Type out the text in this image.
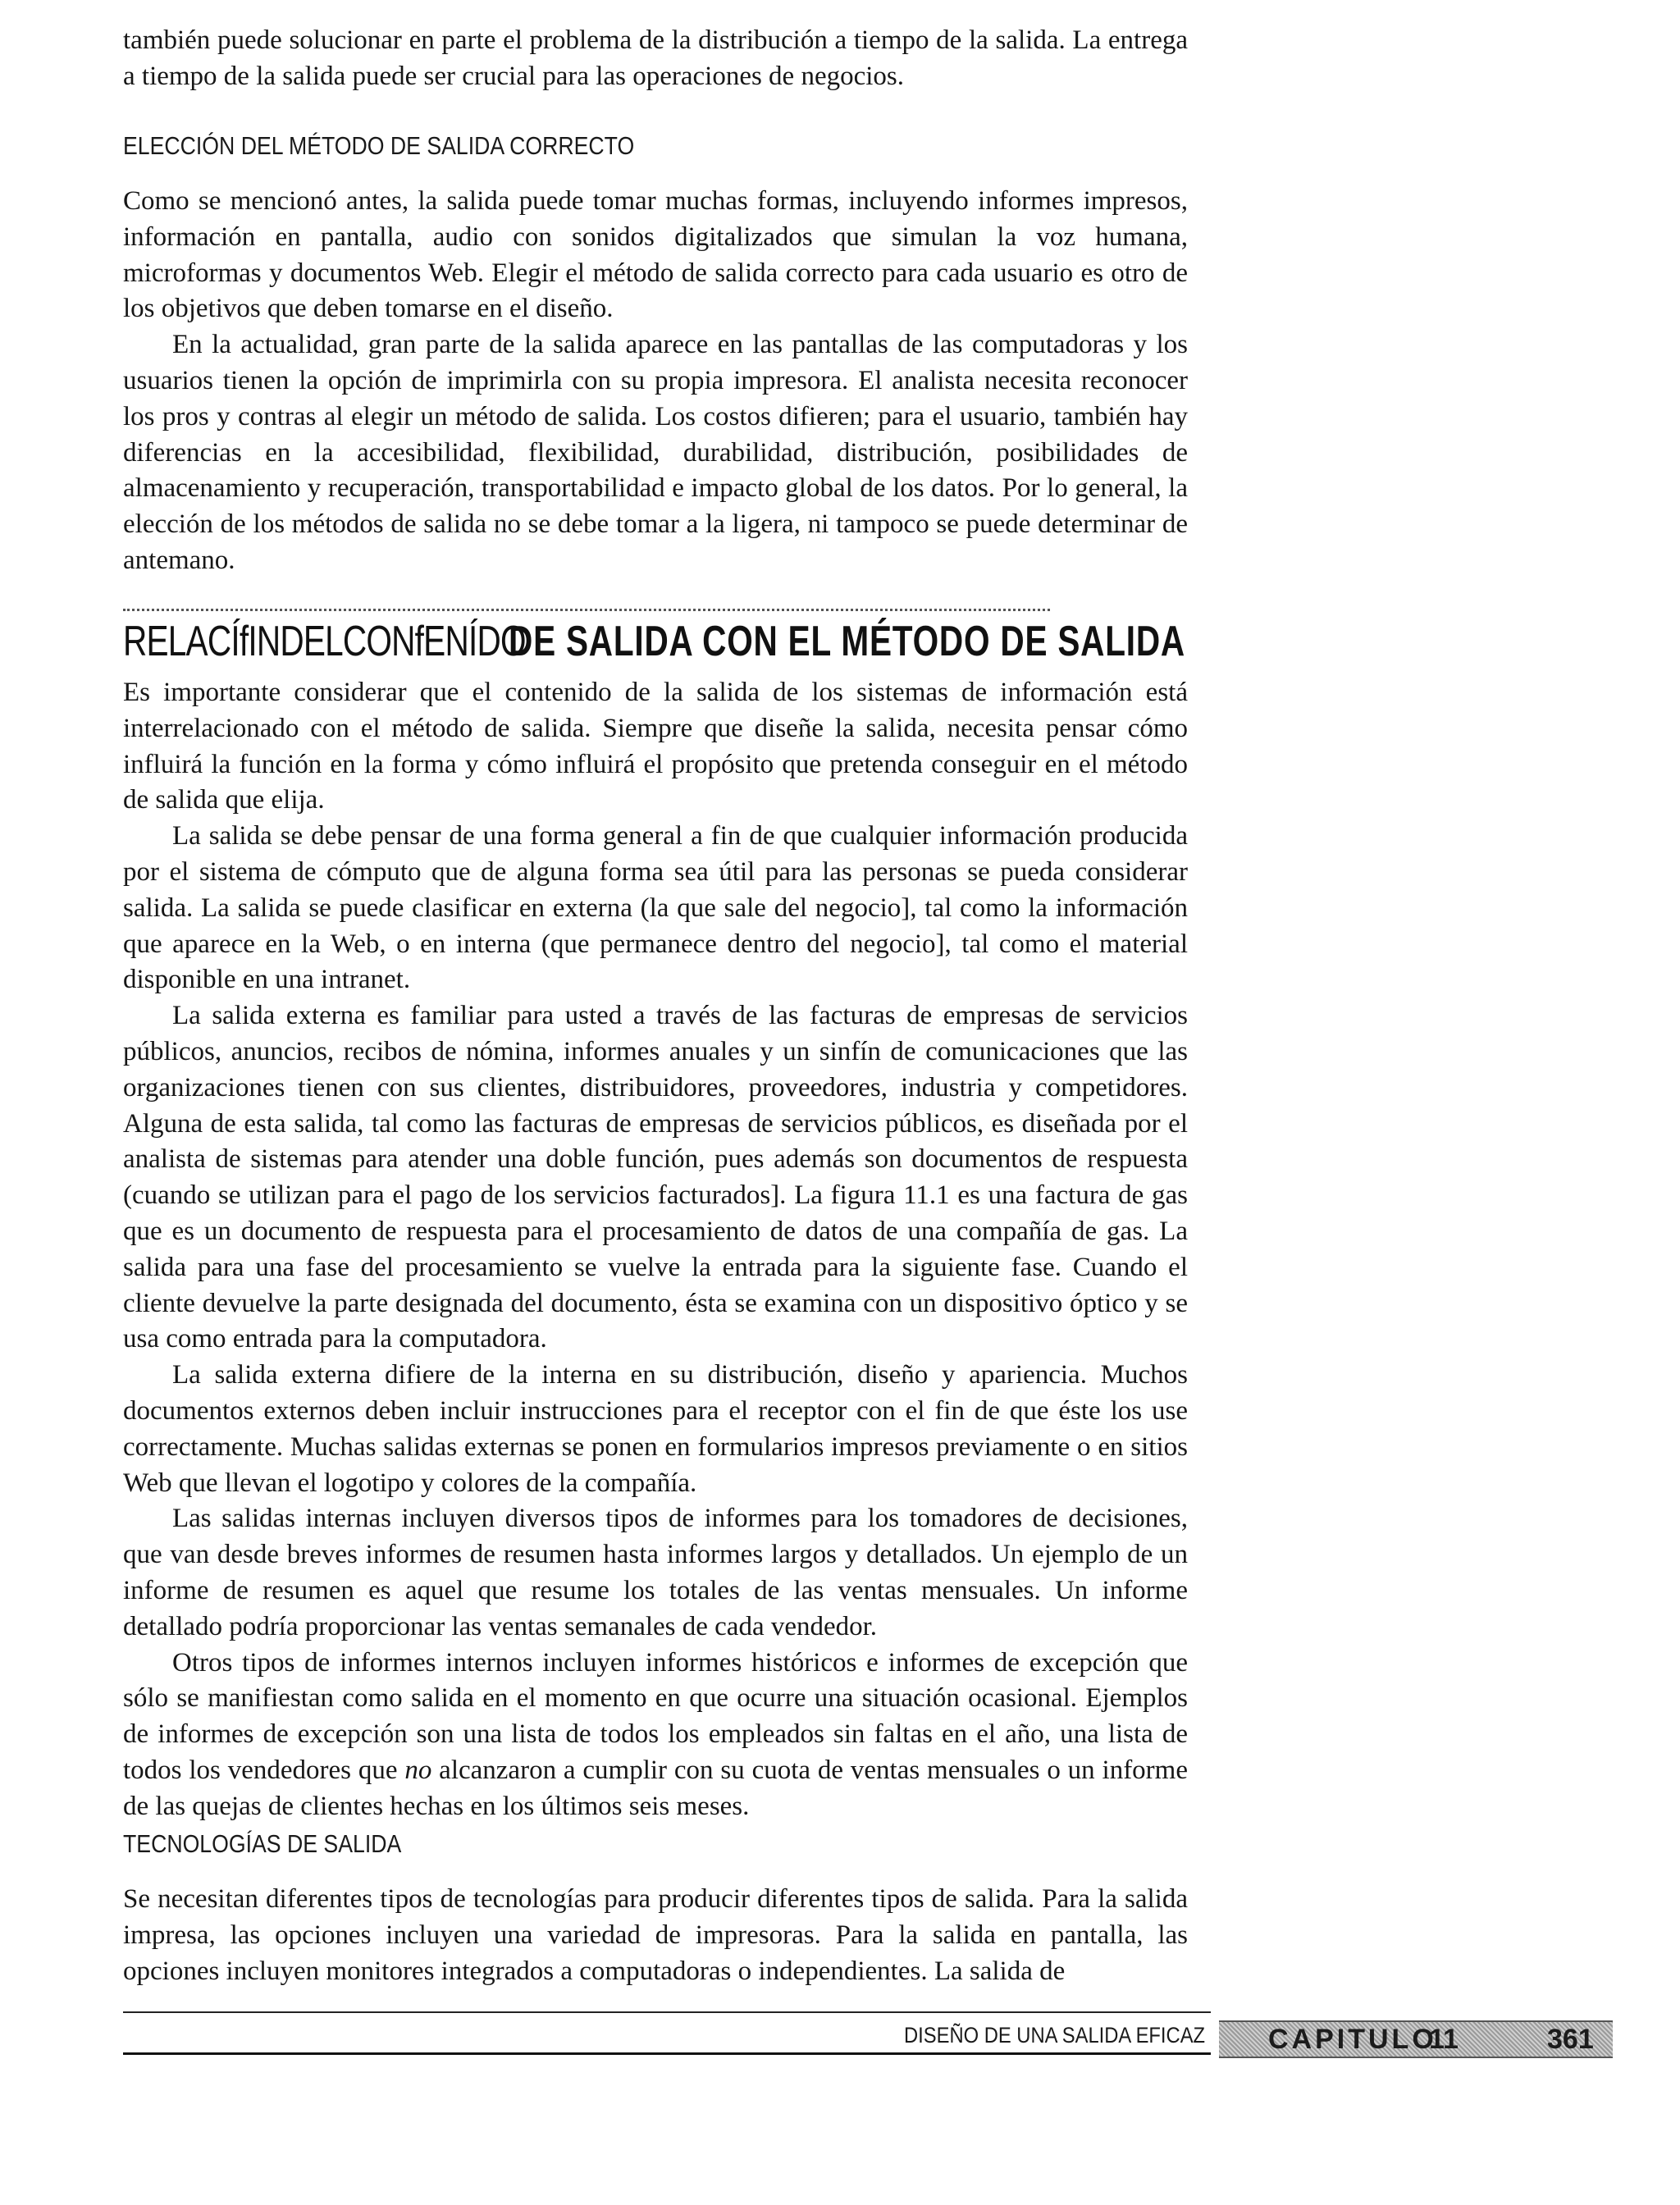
también puede solucionar en parte el problema de la distribución a tiempo de la salida. La entrega a tiempo de la salida puede ser crucial para las operaciones de negocios.

ELECCIÓN DEL MÉTODO DE SALIDA CORRECTO

Como se mencionó antes, la salida puede tomar muchas formas, incluyendo informes impresos, información en pantalla, audio con sonidos digitalizados que simulan la voz humana, microformas y documentos Web. Elegir el método de salida correcto para cada usuario es otro de los objetivos que deben tomarse en el diseño.

En la actualidad, gran parte de la salida aparece en las pantallas de las computadoras y los usuarios tienen la opción de imprimirla con su propia impresora. El analista necesita reconocer los pros y contras al elegir un método de salida. Los costos difieren; para el usuario, también hay diferencias en la accesibilidad, flexibilidad, durabilidad, distribución, posibilidades de almacenamiento y recuperación, transportabilidad e impacto global de los datos. Por lo general, la elección de los métodos de salida no se debe tomar a la ligera, ni tampoco se puede determinar de antemano.

RELACÍfINDELCONfENÍDO
DE SALIDA CON EL MÉTODO DE SALIDA

Es importante considerar que el contenido de la salida de los sistemas de información está interrelacionado con el método de salida. Siempre que diseñe la salida, necesita pensar cómo influirá la función en la forma y cómo influirá el propósito que pretenda conseguir en el método de salida que elija.

La salida se debe pensar de una forma general a fin de que cualquier información producida por el sistema de cómputo que de alguna forma sea útil para las personas se pueda considerar salida. La salida se puede clasificar en externa (la que sale del negocio], tal como la información que aparece en la Web, o en interna (que permanece dentro del negocio], tal como el material disponible en una intranet.

La salida externa es familiar para usted a través de las facturas de empresas de servicios públicos, anuncios, recibos de nómina, informes anuales y un sinfín de comunicaciones que las organizaciones tienen con sus clientes, distribuidores, proveedores, industria y competidores. Alguna de esta salida, tal como las facturas de empresas de servicios públicos, es diseñada por el analista de sistemas para atender una doble función, pues además son documentos de respuesta (cuando se utilizan para el pago de los servicios facturados]. La figura 11.1 es una factura de gas que es un documento de respuesta para el procesamiento de datos de una compañía de gas. La salida para una fase del procesamiento se vuelve la entrada para la siguiente fase. Cuando el cliente devuelve la parte designada del documento, ésta se examina con un dispositivo óptico y se usa como entrada para la computadora.

La salida externa difiere de la interna en su distribución, diseño y apariencia. Muchos documentos externos deben incluir instrucciones para el receptor con el fin de que éste los use correctamente. Muchas salidas externas se ponen en formularios impresos previamente o en sitios Web que llevan el logotipo y colores de la compañía.

Las salidas internas incluyen diversos tipos de informes para los tomadores de decisiones, que van desde breves informes de resumen hasta informes largos y detallados. Un ejemplo de un informe de resumen es aquel que resume los totales de las ventas mensuales. Un informe detallado podría proporcionar las ventas semanales de cada vendedor.

Otros tipos de informes internos incluyen informes históricos e informes de excepción que sólo se manifiestan como salida en el momento en que ocurre una situación ocasional. Ejemplos de informes de excepción son una lista de todos los empleados sin faltas en el año, una lista de todos los vendedores que no alcanzaron a cumplir con su cuota de ventas mensuales o un informe de las quejas de clientes hechas en los últimos seis meses.

TECNOLOGÍAS DE SALIDA

Se necesitan diferentes tipos de tecnologías para producir diferentes tipos de salida. Para la salida impresa, las opciones incluyen una variedad de impresoras. Para la salida en pantalla, las opciones incluyen monitores integrados a computadoras o independientes. La salida de

DISEÑO DE UNA SALIDA EFICAZ CAPITULO
11	361
